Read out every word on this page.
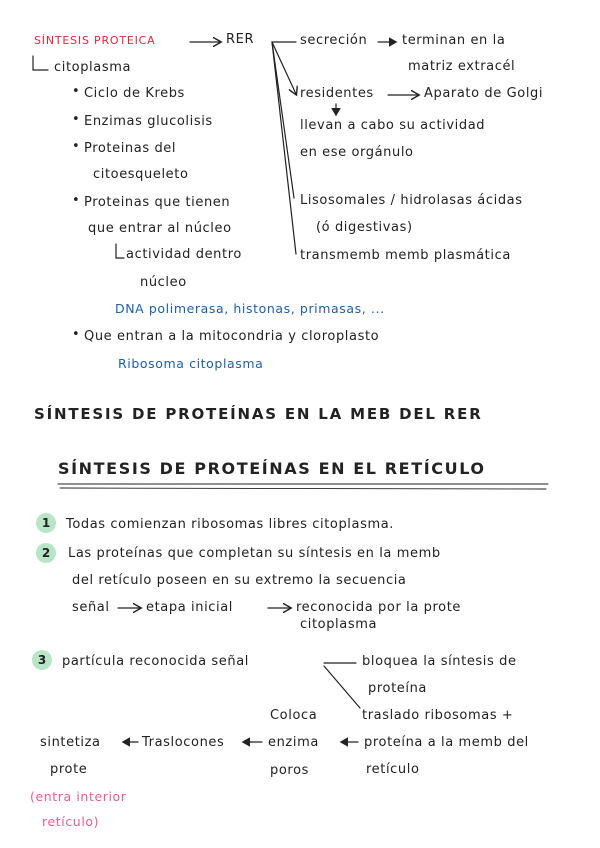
SÍNTESIS PROTEICA	RER
citoplasma
• Ciclo de Krebs
• Enzimas glucolisis
• Proteinas del
citoesqueleto
• Proteinas que tienen
que entrar al núcleo
actividad dentro
núcleo
DNA polimerasa, histonas, primasas, ...
• Que entran a la mitocondria y cloroplasto
Ribosoma citoplasma
secreción	terminan en la
matriz extracél
residentes	Aparato de Golgi
llevan a cabo su actividad
en ese orgánulo
Lisosomales / hidrolasas ácidas
(ó digestivas)
transmemb memb plasmática
SÍNTESIS DE PROTEÍNAS EN LA MEB DEL RER
SÍNTESIS DE PROTEÍNAS EN EL RETÍCULO
1	Todas comienzan ribosomas libres citoplasma.
2	Las proteínas que completan su síntesis en la memb
del retículo poseen en su extremo la secuencia
señal	etapa inicial	reconocida por la prote
citoplasma
3	partícula reconocida señal	bloquea la síntesis de
proteína
Coloca	traslado ribosomas +
sintetiza	Traslocones	enzima	proteína a la memb del
prote	poros	retículo
(entra interior
retículo)
